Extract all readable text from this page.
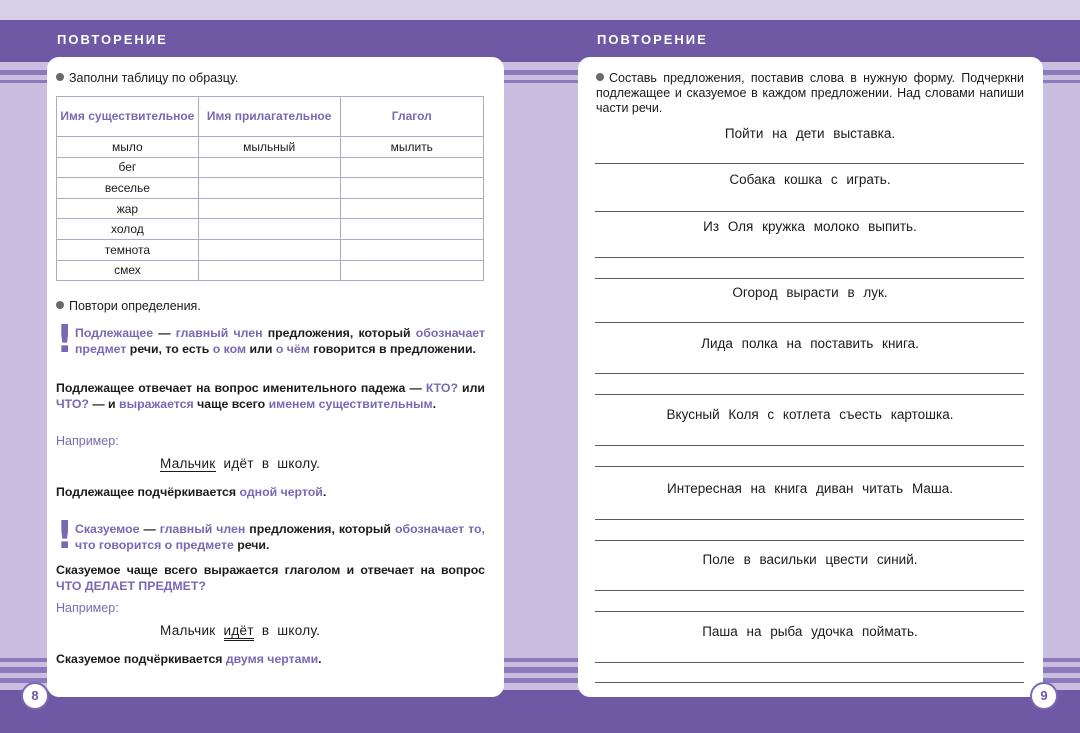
ПОВТОРЕНИЕ	ПОВТОРЕНИЕ
Заполни таблицу по образцу.
Имя существительное	Имя прилагательное	Глагол
мыло	мыльный	мылить
бег		
веселье		
жар		
холод		
темнота		
смех		
Повтори определения.
! Подлежащее — главный член предложения, который обозначает предмет речи, то есть о ком или о чём говорится в предложении.
Подлежащее отвечает на вопрос именительного падежа — КТО? или ЧТО? — и выражается чаще всего именем существительным.
Например:
Мальчик идёт в школу.
Подлежащее подчёркивается одной чертой.
! Сказуемое — главный член предложения, который обозначает то, что говорится о предмете речи.
Сказуемое чаще всего выражается глаголом и отвечает на вопрос ЧТО ДЕЛАЕТ ПРЕДМЕТ?
Например:
Мальчик идёт в школу.
Сказуемое подчёркивается двумя чертами.
8
Составь предложения, поставив слова в нужную форму. Подчеркни подлежащее и сказуемое в каждом предложении. Над словами напиши части речи.
Пойти на дети выставка.
Собака кошка с играть.
Из Оля кружка молоко выпить.
Огород вырасти в лук.
Лида полка на поставить книга.
Вкусный Коля с котлета съесть картошка.
Интересная на книга диван читать Маша.
Поле в васильки цвести синий.
Паша на рыба удочка поймать.
9
